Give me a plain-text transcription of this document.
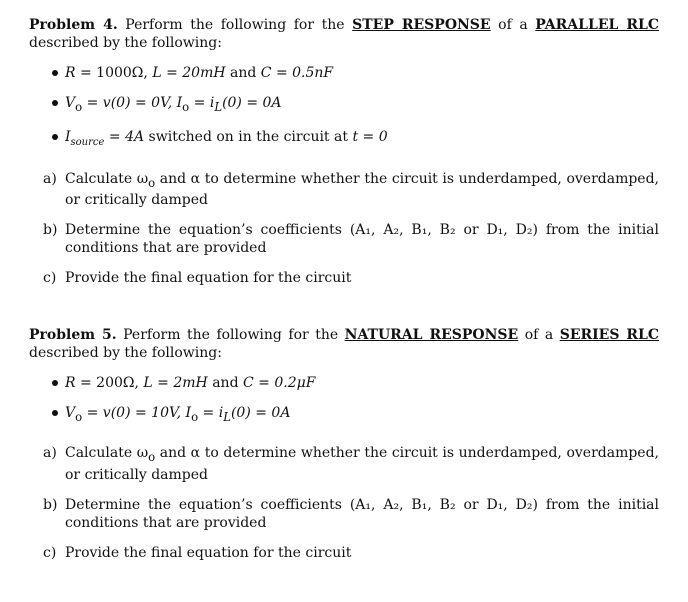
Problem 4. Perform the following for the STEP RESPONSE of a PARALLEL RLC described by the following:

R = 1000Ω, L = 20mH and C = 0.5nF
$V_o = v(0) = 0V$, $I_o = i_L(0) = 0A$
$I_{source} = 4A$ switched on in the circuit at t = 0
a) Calculate $\omega_o$ and α to determine whether the circuit is underdamped, overdamped, or critically damped
b) Determine the equation’s coefficients (A₁, A₂, B₁, B₂ or D₁, D₂) from the initial conditions that are provided
c) Provide the final equation for the circuit

Problem 5. Perform the following for the NATURAL RESPONSE of a SERIES RLC described by the following:

R = 200Ω, L = 2mH and C = 0.2μF
$V_o = v(0) = 10V$, $I_o = i_L(0) = 0A$
a) Calculate $\omega_o$ and α to determine whether the circuit is underdamped, overdamped, or critically damped
b) Determine the equation’s coefficients (A₁, A₂, B₁, B₂ or D₁, D₂) from the initial conditions that are provided
c) Provide the final equation for the circuit
